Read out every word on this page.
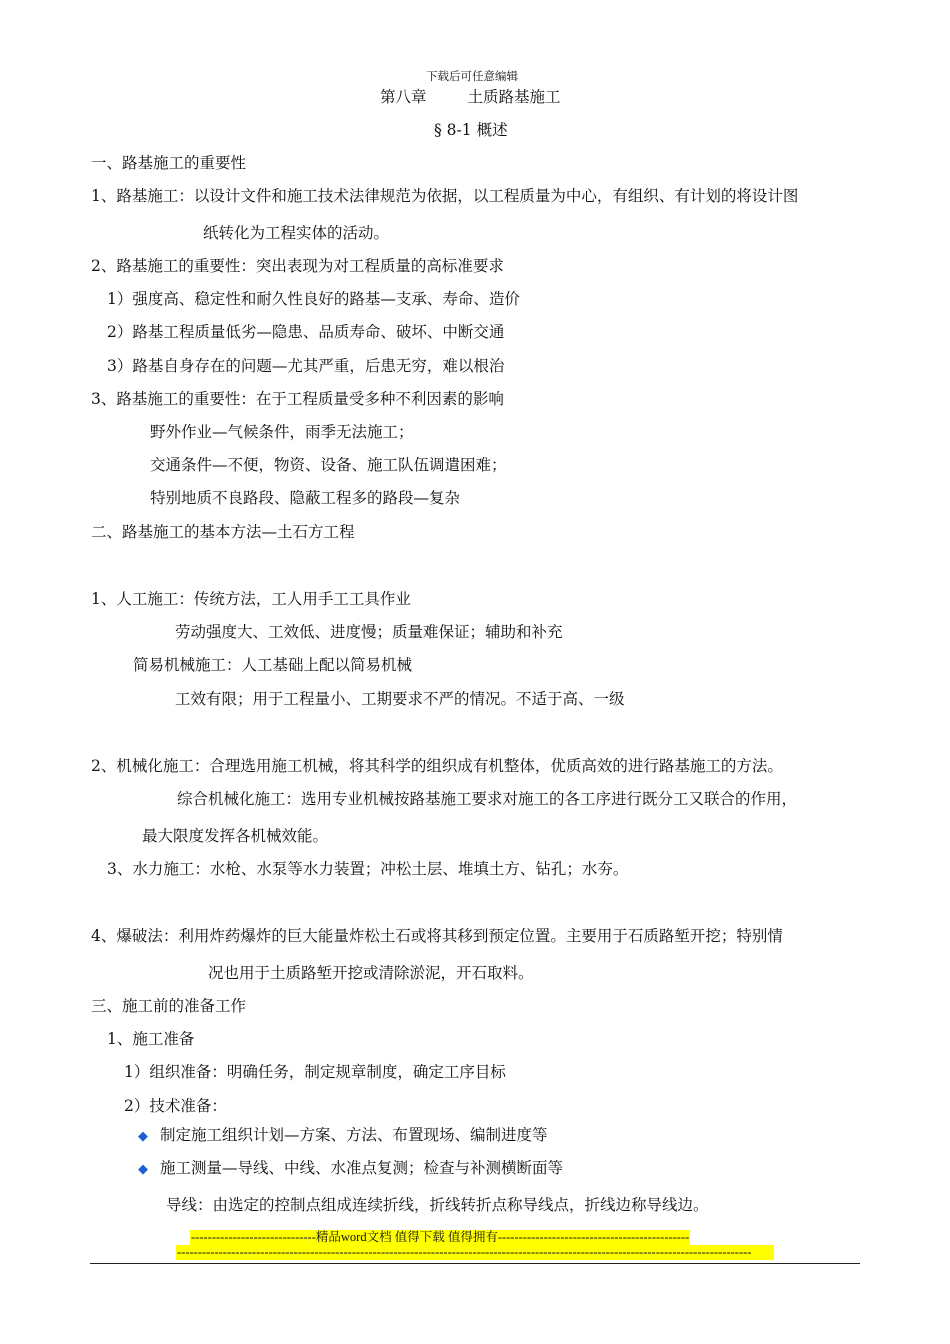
下载后可任意编辑
第八章	土质路基施工
§ 8-1 概述
一、路基施工的重要性
1、路基施工：以设计文件和施工技术法律规范为依据，以工程质量为中心，有组织、有计划的将设计图
纸转化为工程实体的活动。
2、路基施工的重要性：突出表现为对工程质量的高标准要求
1）强度高、稳定性和耐久性良好的路基—支承、寿命、造价
2）路基工程质量低劣—隐患、品质寿命、破坏、中断交通
3）路基自身存在的问题—尤其严重，后患无穷，难以根治
3、路基施工的重要性：在于工程质量受多种不利因素的影响
野外作业—气候条件，雨季无法施工；
交通条件—不便，物资、设备、施工队伍调遣困难；
特别地质不良路段、隐蔽工程多的路段—复杂
二、路基施工的基本方法—土石方工程
1、人工施工：传统方法，工人用手工工具作业
劳动强度大、工效低、进度慢；质量难保证；辅助和补充
简易机械施工：人工基础上配以简易机械
工效有限；用于工程量小、工期要求不严的情况。不适于高、一级
2、机械化施工：合理选用施工机械，将其科学的组织成有机整体，优质高效的进行路基施工的方法。
综合机械化施工：选用专业机械按路基施工要求对施工的各工序进行既分工又联合的作用，
最大限度发挥各机械效能。
3、水力施工：水枪、水泵等水力装置；冲松土层、堆填土方、钻孔；水夯。
4、爆破法：利用炸药爆炸的巨大能量炸松土石或将其移到预定位置。主要用于石质路堑开挖；特别情
况也用于土质路堑开挖或清除淤泥，开石取料。
三、施工前的准备工作
1、施工准备
1）组织准备：明确任务，制定规章制度，确定工序目标
2）技术准备：
◆ 制定施工组织计划—方案、方法、布置现场、编制进度等
◆ 施工测量—导线、中线、水准点复测；检查与补测横断面等
导线：由选定的控制点组成连续折线，折线转折点称导线点，折线边称导线边。
------------------------------精品word文档 值得下载 值得拥有----------------------------------------------
------------------------------------------------------------------------------------------------------------------------------------------
